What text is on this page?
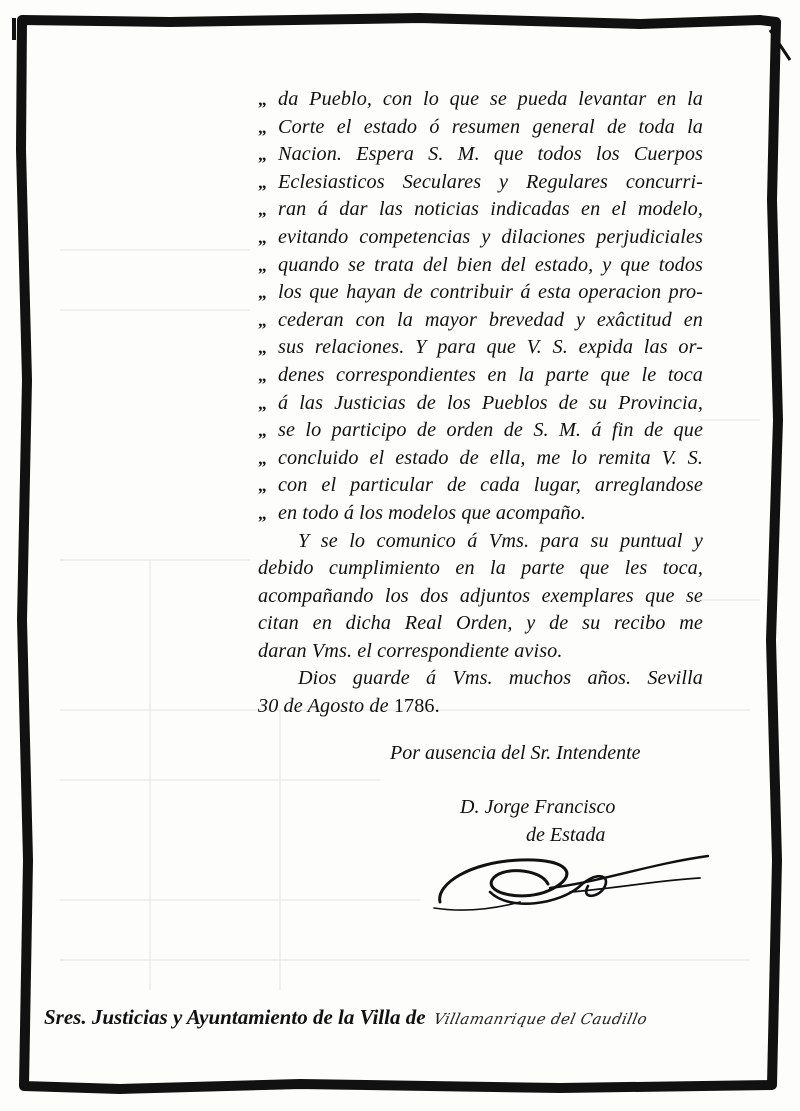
„ da Pueblo, con lo que se pueda levantar en la
„ Corte el estado ó resumen general de toda la
„ Nacion. Espera S. M. que todos los Cuerpos
„ Eclesiasticos Seculares y Regulares concurri-
„ ran á dar las noticias indicadas en el modelo,
„ evitando competencias y dilaciones perjudiciales
„ quando se trata del bien del estado, y que todos
„ los que hayan de contribuir á esta operacion pro-
„ cederan con la mayor brevedad y exâctitud en
„ sus relaciones. Y para que V. S. expida las or-
„ denes correspondientes en la parte que le toca
„ á las Justicias de los Pueblos de su Provincia,
„ se lo participo de orden de S. M. á fin de que
„ concluido el estado de ella, me lo remita V. S.
„ con el particular de cada lugar, arreglandose
„ en todo á los modelos que acompaño.
Y se lo comunico á Vms. para su puntual y
debido cumplimiento en la parte que les toca,
acompañando los dos adjuntos exemplares que se
citan en dicha Real Orden, y de su recibo me
daran Vms. el correspondiente aviso.
Dios guarde á Vms. muchos años. Sevilla
30 de Agosto de 1786.
Por ausencia del Sr. Intendente
D. Jorge Francisco
de Estada
Sres. Justicias y Ayuntamiento de la Villa de Villamanrique del Caudillo
